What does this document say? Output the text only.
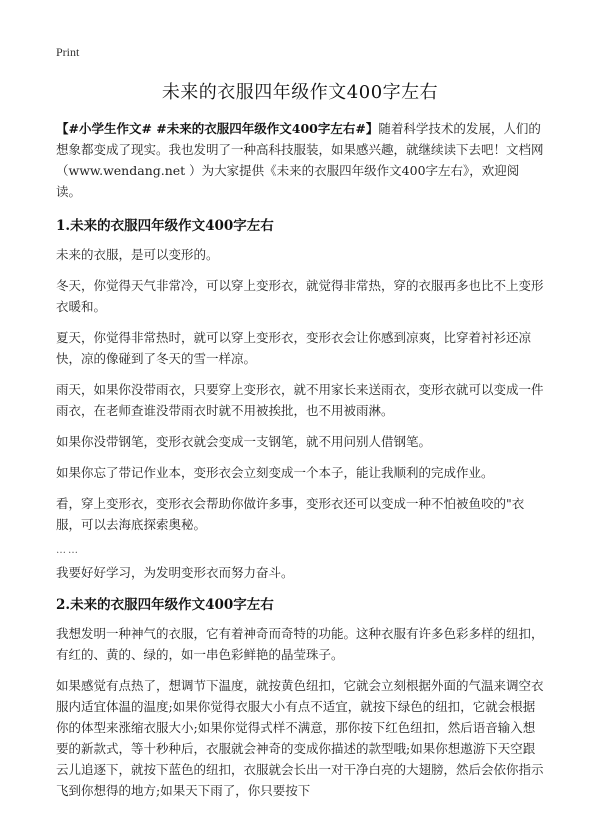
Print
未来的衣服四年级作文400字左右

【#小学生作文# #未来的衣服四年级作文400字左右#】随着科学技术的发展，人们的想象都变成了现实。我也发明了一种高科技服装，如果感兴趣，就继续读下去吧！文档网（www.wendang.net ）为大家提供《未来的衣服四年级作文400字左右》，欢迎阅读。

1.未来的衣服四年级作文400字左右

未来的衣服，是可以变形的。

冬天，你觉得天气非常冷，可以穿上变形衣，就觉得非常热，穿的衣服再多也比不上变形衣暖和。

夏天，你觉得非常热时，就可以穿上变形衣，变形衣会让你感到凉爽，比穿着衬衫还凉快，凉的像碰到了冬天的雪一样凉。

雨天，如果你没带雨衣，只要穿上变形衣，就不用家长来送雨衣，变形衣就可以变成一件雨衣，在老师查谁没带雨衣时就不用被挨批，也不用被雨淋。

如果你没带钢笔，变形衣就会变成一支钢笔，就不用问别人借钢笔。

如果你忘了带记作业本，变形衣会立刻变成一个本子，能让我顺利的完成作业。

看，穿上变形衣，变形衣会帮助你做许多事，变形衣还可以变成一种不怕被鱼咬的"衣服，可以去海底探索奥秘。

……

我要好好学习，为发明变形衣而努力奋斗。

2.未来的衣服四年级作文400字左右

我想发明一种神气的衣服，它有着神奇而奇特的功能。这种衣服有许多色彩多样的纽扣，有红的、黄的、绿的，如一串色彩鲜艳的晶莹珠子。

如果感觉有点热了，想调节下温度，就按黄色纽扣，它就会立刻根据外面的气温来调空衣服内适宜体温的温度;如果你觉得衣服大小有点不适宜，就按下绿色的纽扣，它就会根据你的体型来涨缩衣服大小;如果你觉得式样不满意，那你按下红色纽扣，然后语音输入想要的新款式，等十秒种后，衣服就会神奇的变成你描述的款型哦;如果你想遨游下天空跟云儿追逐下，就按下蓝色的纽扣，衣服就会长出一对干净白亮的大翅膀，然后会依你指示飞到你想得的地方;如果天下雨了，你只要按下
